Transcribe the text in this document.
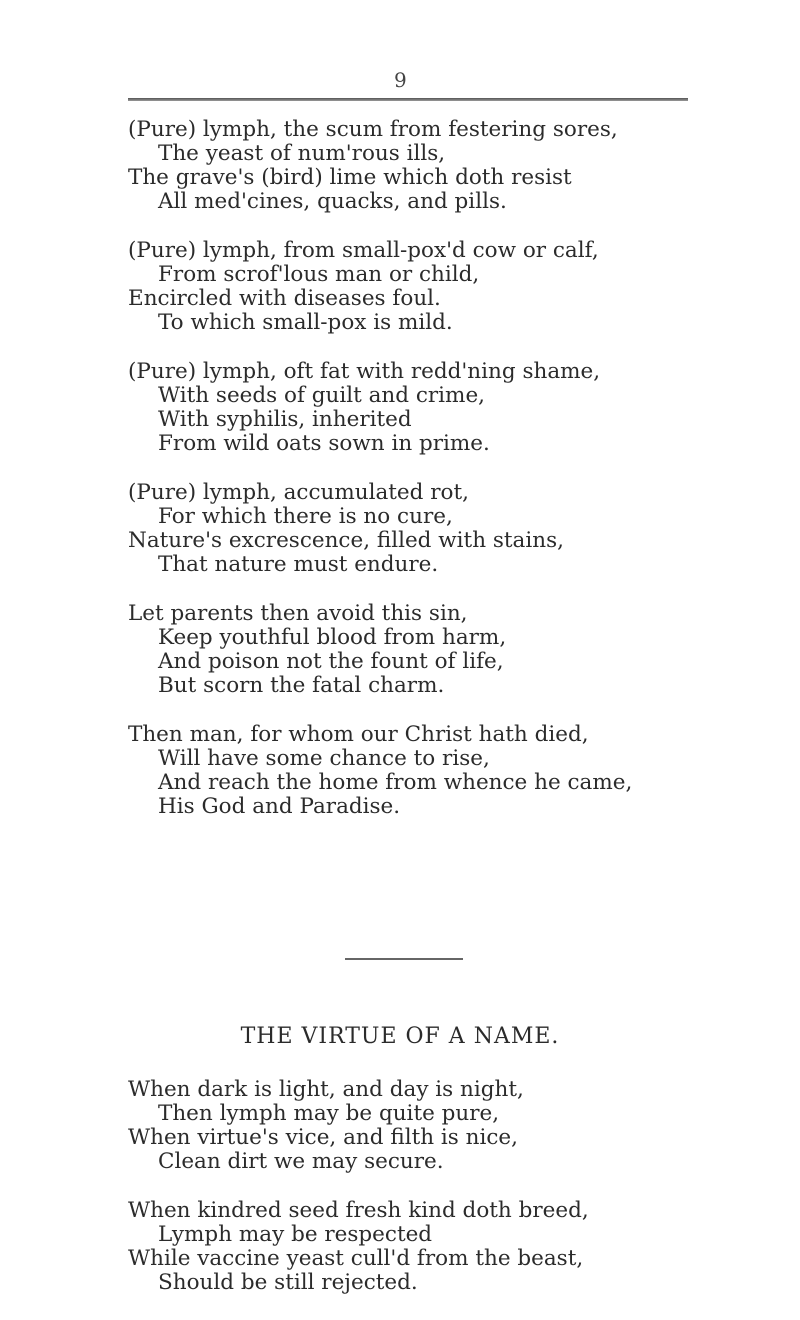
9
(Pure) lymph, the scum from festering sores,
The yeast of num'rous ills,
The grave's (bird) lime which doth resist
All med'cines, quacks, and pills.
(Pure) lymph, from small-pox'd cow or calf,
From scrof'lous man or child,
Encircled with diseases foul.
To which small-pox is mild.
(Pure) lymph, oft fat with redd'ning shame,
With seeds of guilt and crime,
With syphilis, inherited
From wild oats sown in prime.
(Pure) lymph, accumulated rot,
For which there is no cure,
Nature's excrescence, filled with stains,
That nature must endure.
Let parents then avoid this sin,
Keep youthful blood from harm,
And poison not the fount of life,
But scorn the fatal charm.
Then man, for whom our Christ hath died,
Will have some chance to rise,
And reach the home from whence he came,
His God and Paradise.
THE VIRTUE OF A NAME.
When dark is light, and day is night,
Then lymph may be quite pure,
When virtue's vice, and filth is nice,
Clean dirt we may secure.
When kindred seed fresh kind doth breed,
Lymph may be respected
While vaccine yeast cull'd from the beast,
Should be still rejected.
